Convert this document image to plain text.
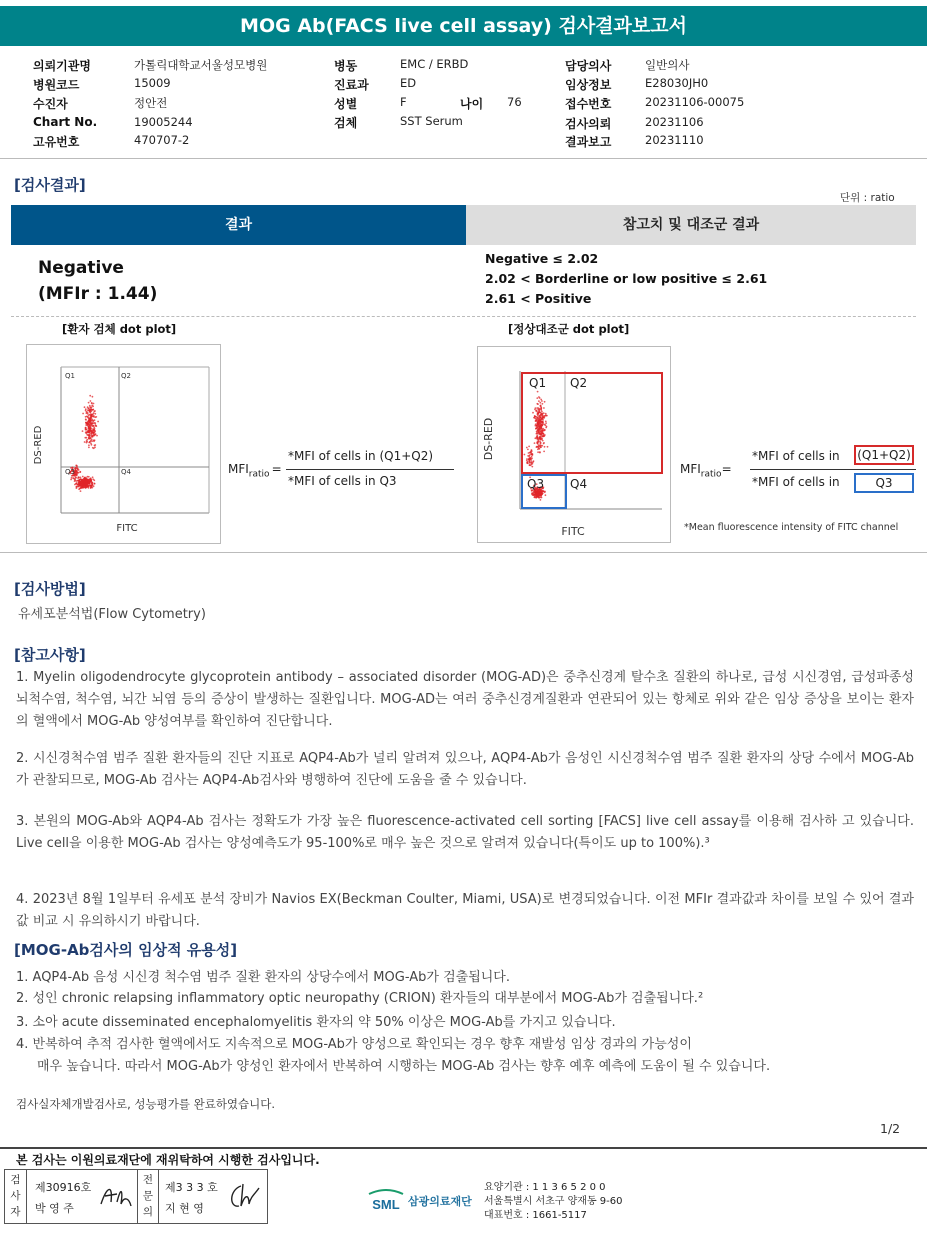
MOG Ab(FACS live cell assay) 검사결과보고서
의뢰기관명	가톨릭대학교서울성모병원
병원코드	15009
수진자	정안전
Chart No.	19005244
고유번호	470707-2
병동	EMC / ERBD
진료과	ED
성별	F	나이 76
검체	SST Serum
담당의사	일반의사
임상정보	E28030JH0
접수번호	20231106-00075
검사의뢰	20231106
결과보고	20231110
[검사결과]
단위 : ratio
결과	참고치 및 대조군 결과
Negative
(MFIr : 1.44)
Negative ≤ 2.02
2.02 < Borderline or low positive ≤ 2.61
2.61 < Positive
[환자 검체 dot plot]	[정상대조군 dot plot]
Q1	Q2
Q3	Q4
DS-RED
FITC
$MFI_{ratio}$ =
*MFI of cells in (Q1+Q2)
*MFI of cells in Q3
Q1 Q2
Q3 Q4
DS-RED
FITC
$MFI_{ratio}=$
*MFI of cells in (Q1+Q2)
*MFI of cells in	Q3
*Mean fluorescence intensity of FITC channel
[검사방법]
유세포분석법(Flow Cytometry)
[참고사항]
1. Myelin oligodendrocyte glycoprotein antibody – associated disorder (MOG-AD)은 중추신경계 탈수초 질환의 하나로, 급성 시신경염, 급성파종성 뇌척수염, 척수염, 뇌간 뇌염 등의 증상이 발생하는 질환입니다. MOG-AD는 여러 중추신경계질환과 연관되어 있는 항체로 위와 같은 임상 증상을 보이는 환자의 혈액에서 MOG-Ab 양성여부를 확인하여 진단합니다.
2. 시신경척수염 범주 질환 환자들의 진단 지표로 AQP4-Ab가 널리 알려져 있으나, AQP4-Ab가 음성인 시신경척수염 범주 질환 환자의 상당 수에서 MOG-Ab가 관찰되므로, MOG-Ab 검사는 AQP4-Ab검사와 병행하여 진단에 도움을 줄 수 있습니다.
3. 본원의 MOG-Ab와 AQP4-Ab 검사는 정확도가 가장 높은 fluorescence-activated cell sorting [FACS] live cell assay를 이용해 검사하 고 있습니다. Live cell을 이용한 MOG-Ab 검사는 양성예측도가 95-100%로 매우 높은 것으로 알려져 있습니다(특이도 up to 100%).³
4. 2023년 8월 1일부터 유세포 분석 장비가 Navios EX(Beckman Coulter, Miami, USA)로 변경되었습니다. 이전 MFIr 결과값과 차이를 보일 수 있어 결과값 비교 시 유의하시기 바랍니다.
[MOG-Ab검사의 임상적 유용성]
1. AQP4-Ab 음성 시신경 척수염 범주 질환 환자의 상당수에서 MOG-Ab가 검출됩니다.
2. 성인 chronic relapsing inflammatory optic neuropathy (CRION) 환자들의 대부분에서 MOG-Ab가 검출됩니다.²
3. 소아 acute disseminated encephalomyelitis 환자의 약 50% 이상은 MOG-Ab를 가지고 있습니다.
4. 반복하여 추적 검사한 혈액에서도 지속적으로 MOG-Ab가 양성으로 확인되는 경우 향후 재발성 임상 경과의 가능성이
매우 높습니다. 따라서 MOG-Ab가 양성인 환자에서 반복하여 시행하는 MOG-Ab 검사는 향후 예후 예측에 도움이 될 수 있습니다.
검사실자체개발검사로, 성능평가를 완료하였습니다.
1/2
본 검사는 이원의료재단에 재위탁하여 시행한 검사입니다.
검
사
자
제30916호
박 영 주
전
문
의
제3 3 3 호
지 현 영	SML 삼광의료재단
요양기관 : 1 1 3 6 5 2 0 0
서울특별시 서초구 양재동 9-60
대표번호 : 1661-5117
